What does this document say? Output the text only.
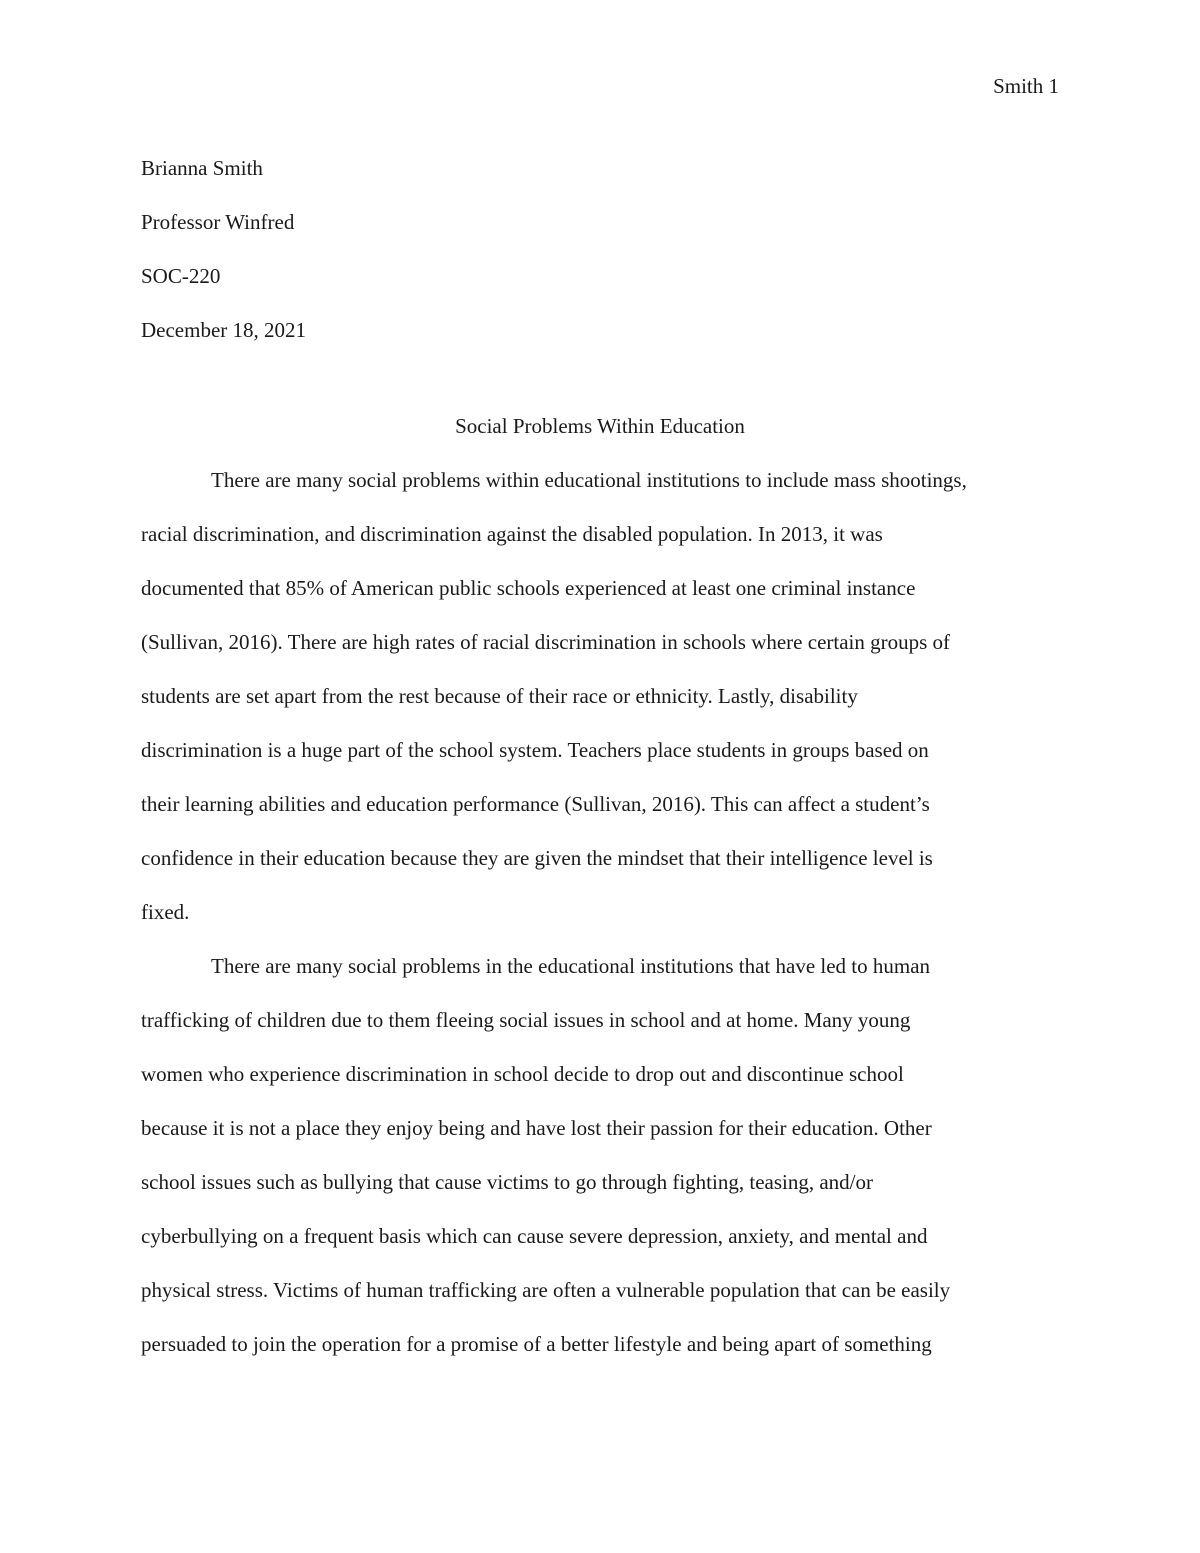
Smith 1
Brianna Smith
Professor Winfred
SOC-220
December 18, 2021
Social Problems Within Education
There are many social problems within educational institutions to include mass shootings,
racial discrimination, and discrimination against the disabled population. In 2013, it was
documented that 85% of American public schools experienced at least one criminal instance
(Sullivan, 2016). There are high rates of racial discrimination in schools where certain groups of
students are set apart from the rest because of their race or ethnicity. Lastly, disability
discrimination is a huge part of the school system. Teachers place students in groups based on
their learning abilities and education performance (Sullivan, 2016). This can affect a student’s
confidence in their education because they are given the mindset that their intelligence level is
fixed.
There are many social problems in the educational institutions that have led to human
trafficking of children due to them fleeing social issues in school and at home. Many young
women who experience discrimination in school decide to drop out and discontinue school
because it is not a place they enjoy being and have lost their passion for their education. Other
school issues such as bullying that cause victims to go through fighting, teasing, and/or
cyberbullying on a frequent basis which can cause severe depression, anxiety, and mental and
physical stress. Victims of human trafficking are often a vulnerable population that can be easily
persuaded to join the operation for a promise of a better lifestyle and being apart of something
